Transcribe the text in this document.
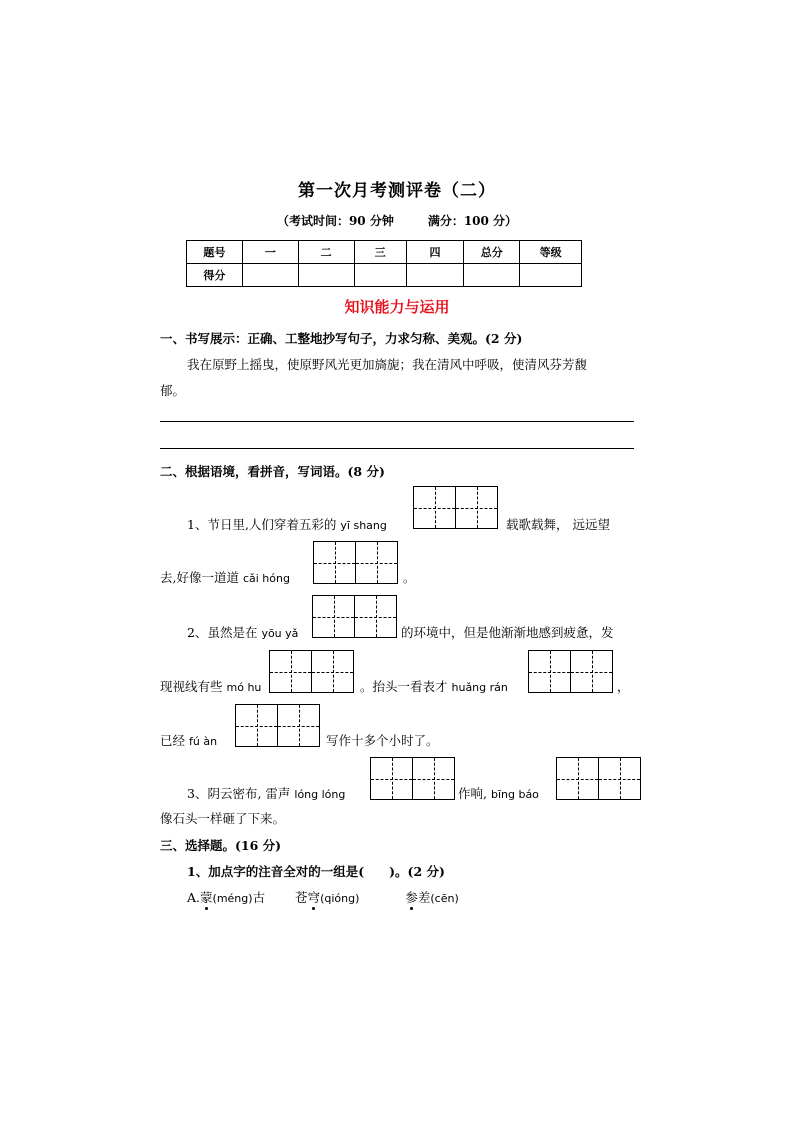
第一次月考测评卷（二）
（考试时间：90 分钟	满分：100 分）
题号	一	二	三	四	总分	等级
得分						
知识能力与运用
一、书写展示：正确、工整地抄写句子，力求匀称、美观。(2 分)
我在原野上摇曳，使原野风光更加旖旎；我在清风中呼吸，使清风芬芳馥
郁。
二、根据语境，看拼音，写词语。(8 分)
1、节日里,人们穿着五彩的 yī shang	载歌载舞， 远远望
去,好像一道道 cǎi hóng	。
2、虽然是在 yōu yǎ	的环境中，但是他渐渐地感到疲惫，发
现视线有些 mó hu	。抬头一看表才 huǎng rán	，
已经 fú àn	写作十多个小时了。
3、阴云密布, 雷声 lóng lóng	作响, bīng báo
像石头一样砸了下来。
三、选择题。(16 分)
1、加点字的注音全对的一组是(　　)。(2 分)
A.蒙(méng)古 苍穹(qióng)	参差(cēn)
